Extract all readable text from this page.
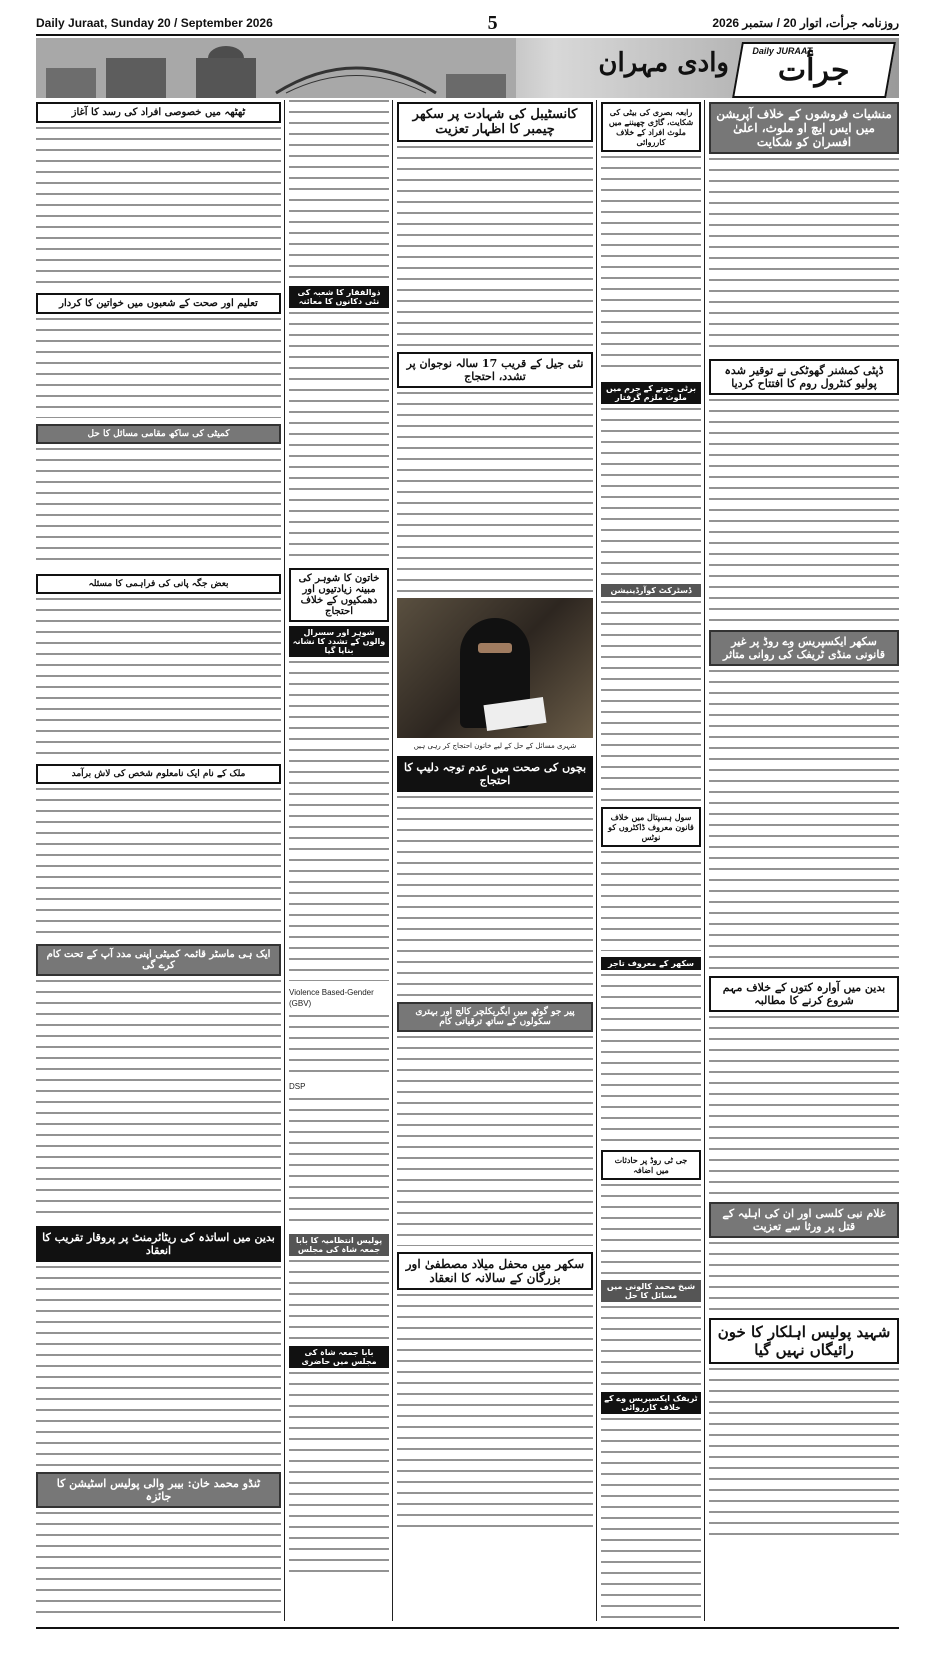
Daily Juraat, Sunday 20 / September 2026	5	روزنامہ جرأت، اتوار 20 / ستمبر 2026
وادی مہران	Daily JURAAT
جرأت
منشیات فروشوں کے خلاف آپریشن میں ایس ایچ او ملوث، اعلیٰ افسران کو شکایت
ڈپٹی کمشنر گھوٹکی نے توقیر شدہ پولیو کنٹرول روم کا افتتاح کردیا
سکھر ایکسپریس وے روڈ پر غیر قانونی منڈی ٹریفک کی روانی متاثر
بدین میں آوارہ کتوں کے خلاف مہم شروع کرنے کا مطالبہ
غلام نبی کلسی اور ان کی اہلیہ کے قتل پر ورثا سے تعزیت
شہید پولیس اہلکار کا خون رائیگاں نہیں گیا
رابعہ بصری کی بیٹی کی شکایت، گاڑی چھیننے میں ملوث افراد کے خلاف کارروائی
برٹی جوتے کے جرم میں ملوث ملزم گرفتار
ڈسٹرکٹ کوآرڈینیشن
سول ہسپتال میں خلاف قانون معروف ڈاکٹروں کو نوٹس
سکھر کے معروف تاجر
جی ٹی روڈ پر حادثات میں اضافہ
شیخ محمد کالونی میں مسائل کا حل
ٹریفک ایکسپریس وے کے خلاف کارروائی
کانسٹیبل کی شہادت پر سکھر چیمبر کا اظہار تعزیت
نئی جیل کے قریب 17 سالہ نوجوان پر تشدد، احتجاج
شہری مسائل کے حل کے لیے خاتون احتجاج کر رہی ہیں
بچوں کی صحت میں عدم توجہ دلیپ کا احتجاج
پیر جو گوٹھ میں ایگریکلچر کالج اور بہتری سکولوں کے ساتھ ترقیاتی کام
سکھر میں محفل میلاد مصطفیٰ اور بزرگان کے سالانہ کا انعقاد
ذوالفقار کا شعبہ کی نئی دکانوں کا معائنہ
خاتون کا شوہر کی مبینہ زیادتیوں اور دھمکیوں کے خلاف احتجاج
شوہر اور سسرال والوں کے تشدد کا نشانہ بنایا گیا
Violence Based-Gender (GBV)
DSP
پولیس انتظامیہ کا بابا جمعہ شاہ کی مجلس
بابا جمعہ شاہ کی مجلس میں حاضری
ٹھٹھہ میں خصوصی افراد کی رسد کا آغاز
تعلیم اور صحت کے شعبوں میں خواتین کا کردار
کمیٹی کی ساکھ مقامی مسائل کا حل
بعض جگہ پانی کی فراہمی کا مسئلہ
ملک کے نام ایک نامعلوم شخص کی لاش برآمد
ایک ہی ماسٹر قائمہ کمیٹی اپنی مدد آپ کے تحت کام کرے گی
بدین میں اساتذہ کی ریٹائرمنٹ پر پروقار تقریب کا انعقاد
ٹنڈو محمد خان: بیبر والی پولیس اسٹیشن کا جائزہ
